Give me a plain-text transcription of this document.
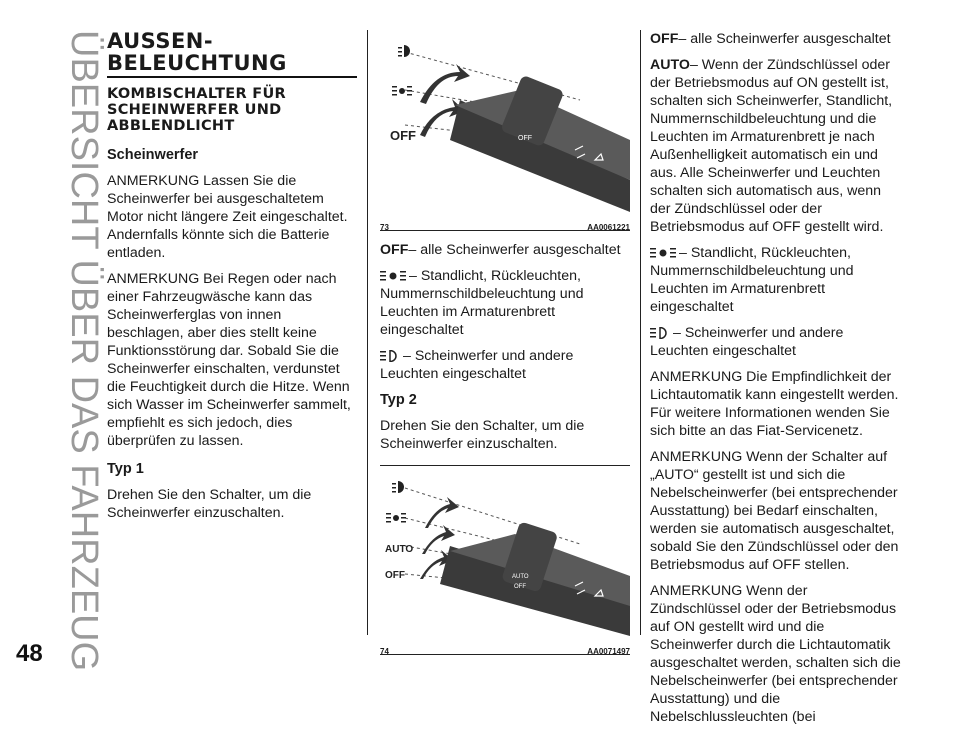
ÜBERSICHT ÜBER DAS FAHRZEUG
48
AUSSEN-
BELEUCHTUNG
KOMBISCHALTER FÜR SCHEINWERFER UND ABBLENDLICHT
Scheinwerfer

ANMERKUNG Lassen Sie die Scheinwerfer bei ausgeschaltetem Motor nicht längere Zeit eingeschaltet. Andernfalls könnte sich die Batterie entladen.

ANMERKUNG Bei Regen oder nach einer Fahrzeugwäsche kann das Scheinwerferglas von innen beschlagen, aber dies stellt keine Funktionsstörung dar. Sobald Sie die Scheinwerfer einschalten, verdunstet die Feuchtigkeit durch die Hitze. Wenn sich Wasser im Scheinwerfer sammelt, empfiehlt es sich jedoch, dies überprüfen zu lassen.

Typ 1

Drehen Sie den Schalter, um die Scheinwerfer einzuschalten.

OFF	OFF
73	AA0061221

OFF– alle Scheinwerfer ausgeschaltet

– Standlicht, Rückleuchten, Nummernschildbeleuchtung und Leuchten im Armaturenbrett eingeschaltet

– Scheinwerfer und andere Leuchten eingeschaltet

Typ 2

Drehen Sie den Schalter, um die Scheinwerfer einzuschalten.

AUTO
OFF	AUTO
OFF
74	AA0071497

OFF– alle Scheinwerfer ausgeschaltet

AUTO– Wenn der Zündschlüssel oder der Betriebsmodus auf ON gestellt ist, schalten sich Scheinwerfer, Standlicht, Nummernschildbeleuchtung und die Leuchten im Armaturenbrett je nach Außenhelligkeit automatisch ein und aus. Alle Scheinwerfer und Leuchten schalten sich automatisch aus, wenn der Zündschlüssel oder der Betriebsmodus auf OFF gestellt wird.

– Standlicht, Rückleuchten, Nummernschildbeleuchtung und Leuchten im Armaturenbrett eingeschaltet

– Scheinwerfer und andere Leuchten eingeschaltet

ANMERKUNG Die Empfindlichkeit der Lichtautomatik kann eingestellt werden. Für weitere Informationen wenden Sie sich bitte an das Fiat-Servicenetz.

ANMERKUNG Wenn der Schalter auf „AUTO“ gestellt ist und sich die Nebelscheinwerfer (bei entsprechender Ausstattung) bei Bedarf einschalten, werden sie automatisch ausgeschaltet, sobald Sie den Zündschlüssel oder den Betriebsmodus auf OFF stellen.

ANMERKUNG Wenn der Zündschlüssel oder der Betriebsmodus auf ON gestellt wird und die Scheinwerfer durch die Lichtautomatik ausgeschaltet werden, schalten sich die Nebelscheinwerfer (bei entsprechender Ausstattung) und die Nebelschlussleuchten (bei
